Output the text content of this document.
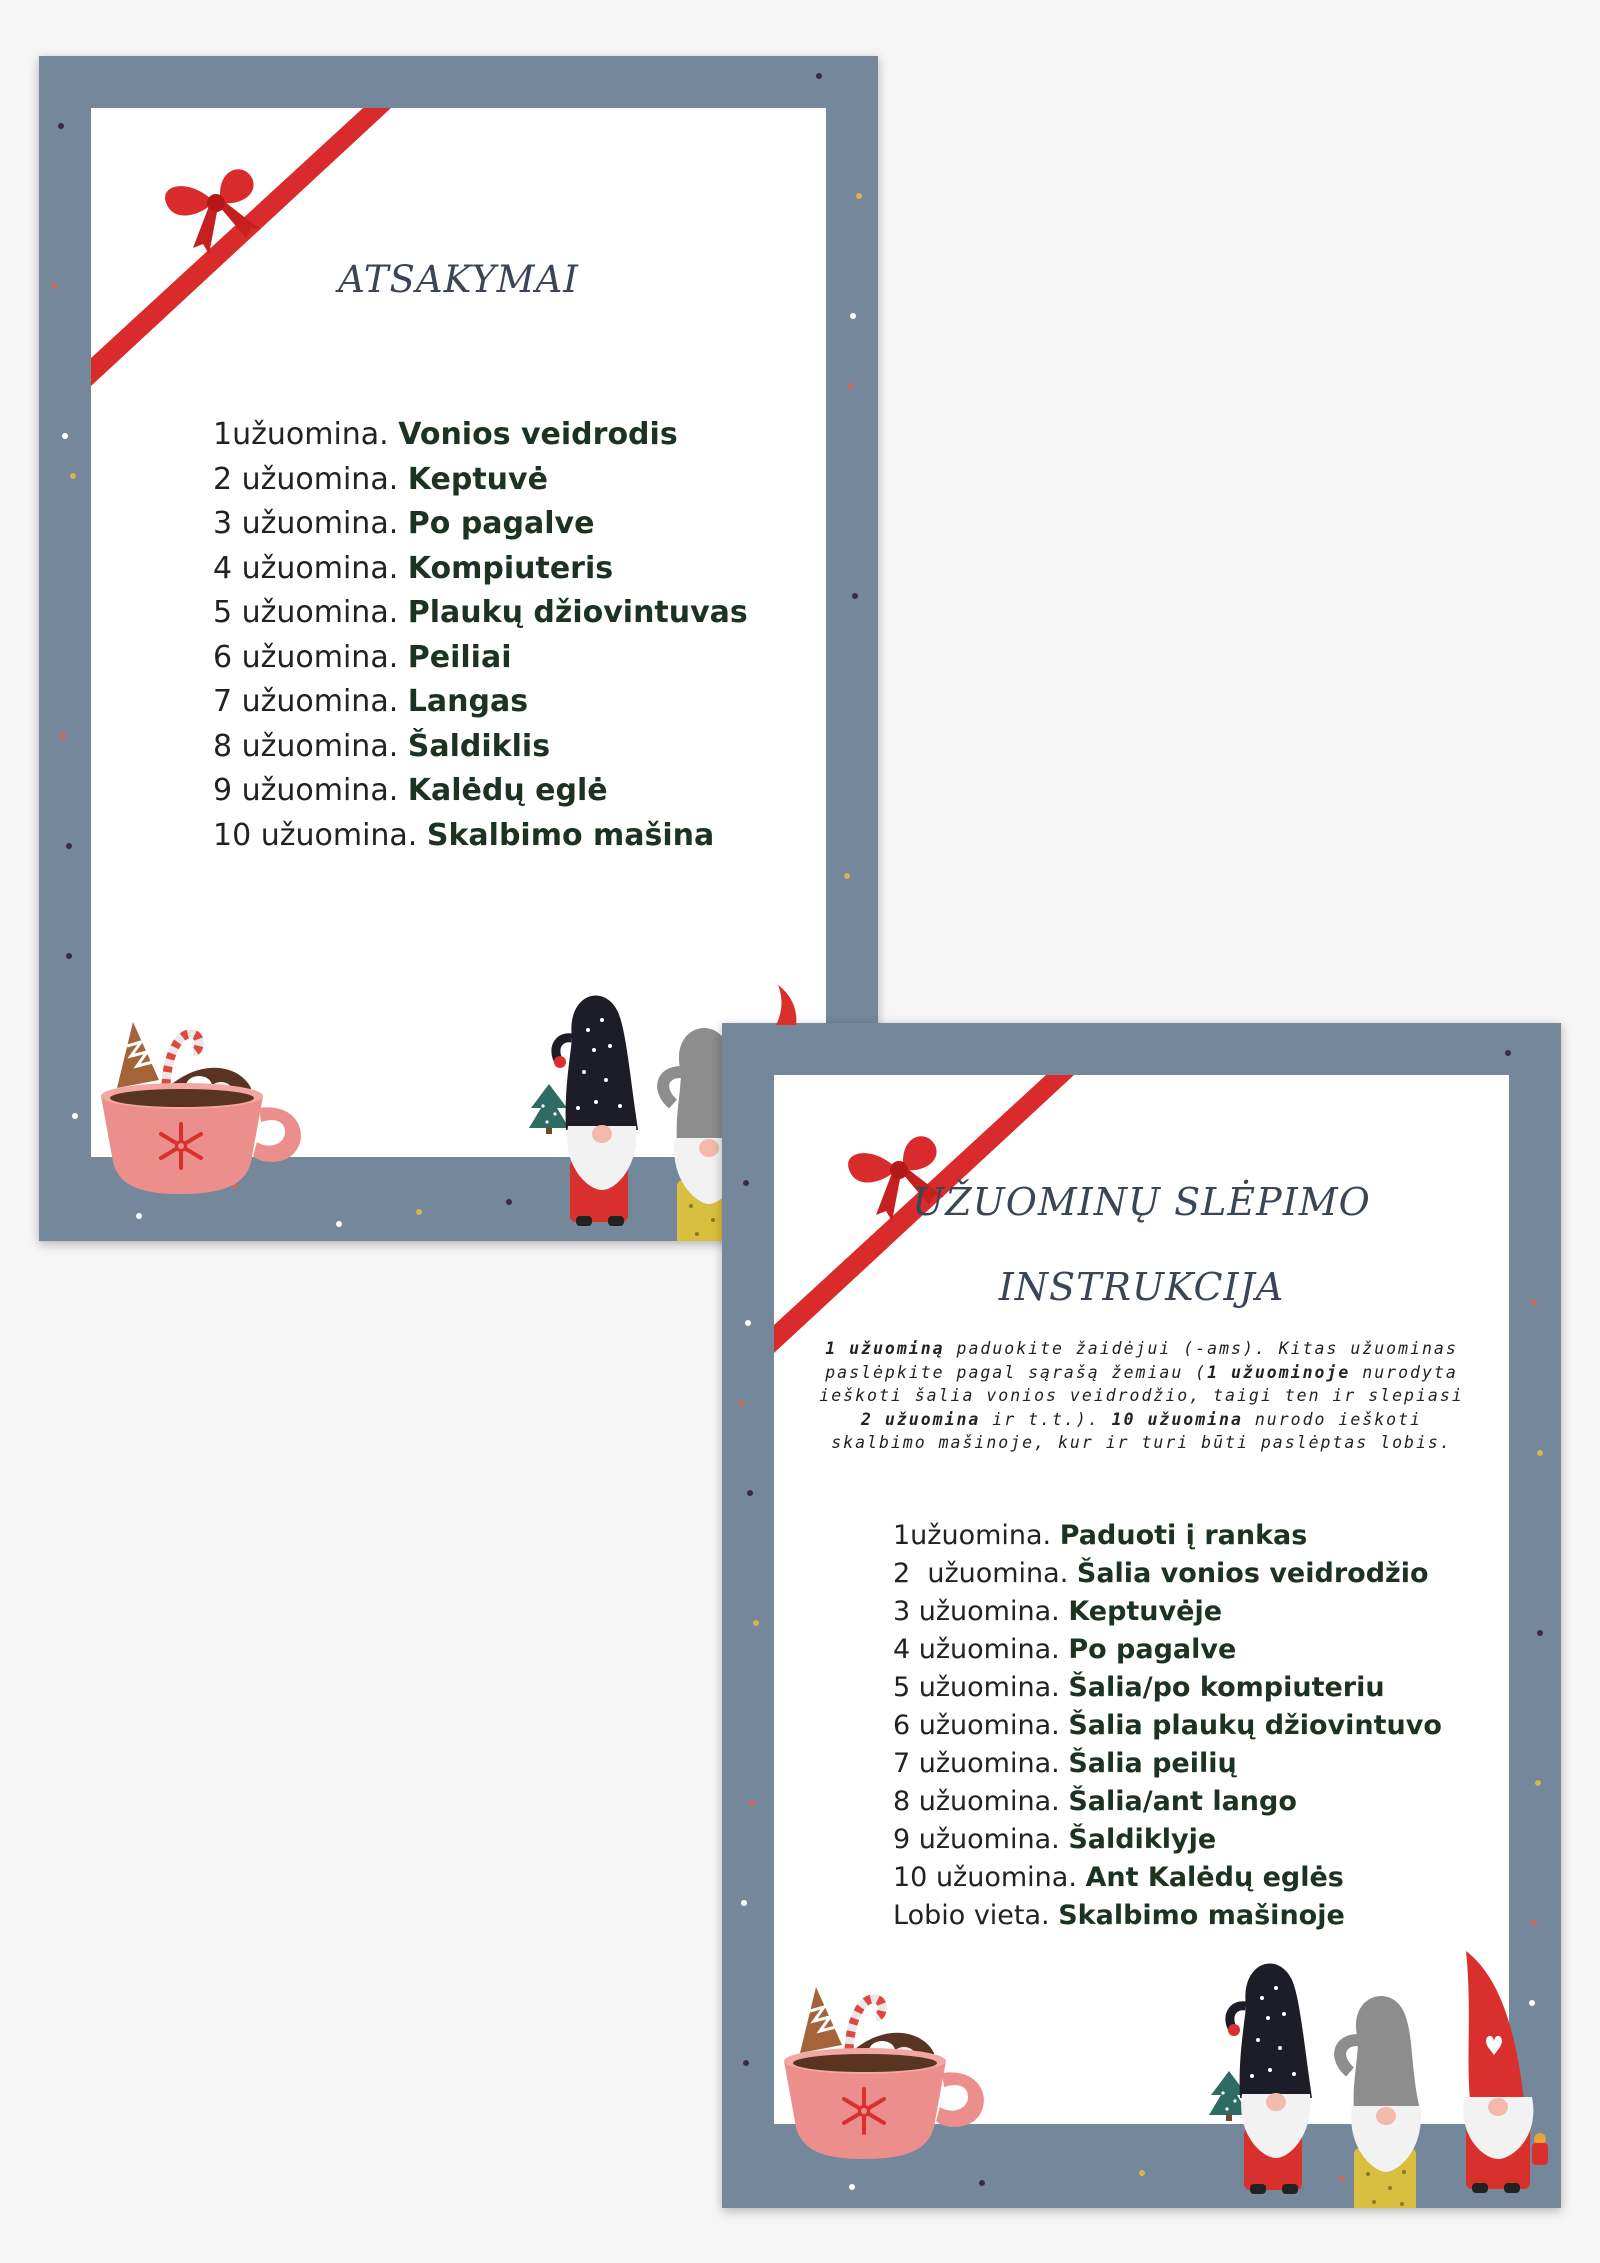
ATSAKYMAI
1užuomina. Vonios veidrodis
2 užuomina. Keptuvė
3 užuomina. Po pagalve
4 užuomina. Kompiuteris
5 užuomina. Plaukų džiovintuvas
6 užuomina. Peiliai
7 užuomina. Langas
8 užuomina. Šaldiklis
9 užuomina. Kalėdų eglė
10 užuomina. Skalbimo mašina
UŽUOMINŲ SLĖPIMO
INSTRUKCIJA
1 užuominą paduokite žaidėjui (-ams). Kitas užuominas paslėpkite pagal sąrašą žemiau (1 užuominoje nurodyta ieškoti šalia vonios veidrodžio, taigi ten ir slepiasi 2 užuomina ir t.t.). 10 užuomina nurodo ieškoti skalbimo mašinoje, kur ir turi būti paslėptas lobis.
1užuomina. Paduoti į rankas
2  užuomina. Šalia vonios veidrodžio
3 užuomina. Keptuvėje
4 užuomina. Po pagalve
5 užuomina. Šalia/po kompiuteriu
6 užuomina. Šalia plaukų džiovintuvo
7 užuomina. Šalia peilių
8 užuomina. Šalia/ant lango
9 užuomina. Šaldiklyje
10 užuomina. Ant Kalėdų eglės
Lobio vieta. Skalbimo mašinoje
